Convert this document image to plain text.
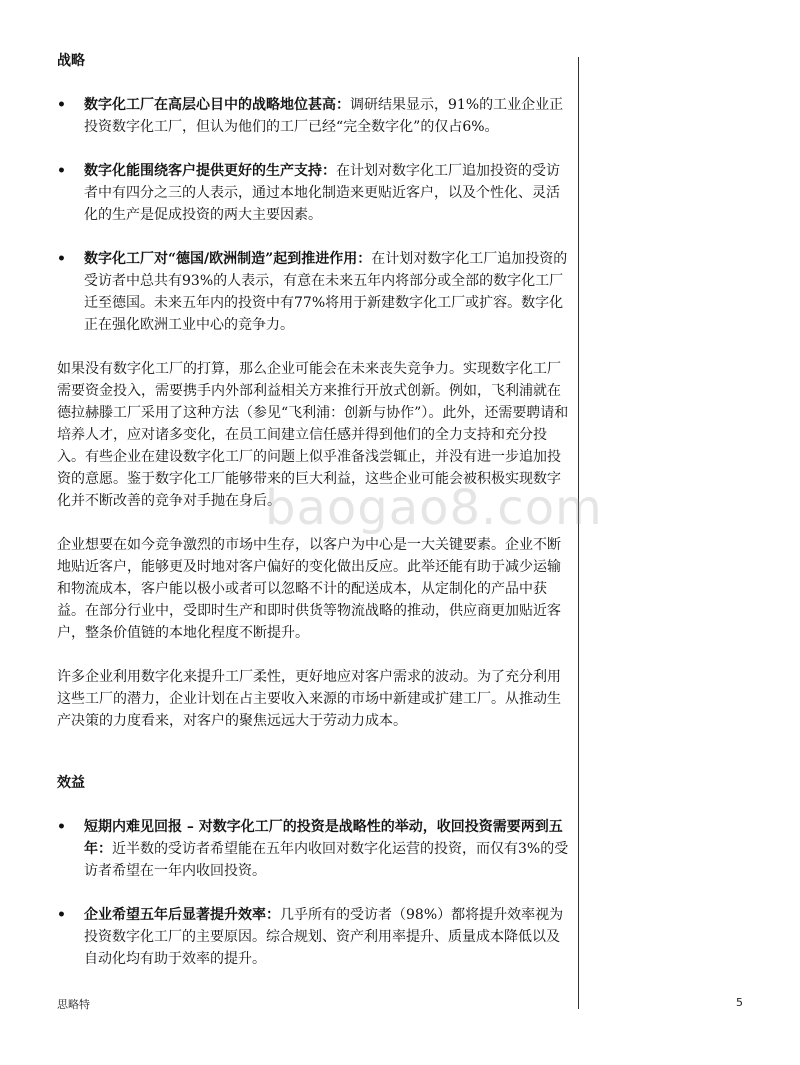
战略
• 数字化工厂在高层心目中的战略地位甚高：调研结果显示，91%的工业企业正投资数字化工厂，但认为他们的工厂已经“完全数字化”的仅占6%。
• 数字化能围绕客户提供更好的生产支持：在计划对数字化工厂追加投资的受访者中有四分之三的人表示，通过本地化制造来更贴近客户，以及个性化、灵活化的生产是促成投资的两大主要因素。
• 数字化工厂对“德国/欧洲制造”起到推进作用：在计划对数字化工厂追加投资的受访者中总共有93%的人表示，有意在未来五年内将部分或全部的数字化工厂迁至德国。未来五年内的投资中有77%将用于新建数字化工厂或扩容。数字化正在强化欧洲工业中心的竞争力。

如果没有数字化工厂的打算，那么企业可能会在未来丧失竞争力。实现数字化工厂需要资金投入，需要携手内外部利益相关方来推行开放式创新。例如，飞利浦就在德拉赫滕工厂采用了这种方法（参见“飞利浦：创新与协作”）。此外，还需要聘请和培养人才，应对诸多变化，在员工间建立信任感并得到他们的全力支持和充分投入。有些企业在建设数字化工厂的问题上似乎准备浅尝辄止，并没有进一步追加投资的意愿。鉴于数字化工厂能够带来的巨大利益，这些企业可能会被积极实现数字化并不断改善的竞争对手抛在身后。

企业想要在如今竞争激烈的市场中生存，以客户为中心是一大关键要素。企业不断地贴近客户，能够更及时地对客户偏好的变化做出反应。此举还能有助于减少运输和物流成本，客户能以极小或者可以忽略不计的配送成本，从定制化的产品中获益。在部分行业中，受即时生产和即时供货等物流战略的推动，供应商更加贴近客户，整条价值链的本地化程度不断提升。

许多企业利用数字化来提升工厂柔性，更好地应对客户需求的波动。为了充分利用这些工厂的潜力，企业计划在占主要收入来源的市场中新建或扩建工厂。从推动生产决策的力度看来，对客户的聚焦远远大于劳动力成本。

效益
• 短期内难见回报 – 对数字化工厂的投资是战略性的举动，收回投资需要两到五年：近半数的受访者希望能在五年内收回对数字化运营的投资，而仅有3%的受访者希望在一年内收回投资。
• 企业希望五年后显著提升效率：几乎所有的受访者（98%）都将提升效率视为投资数字化工厂的主要原因。综合规划、资产利用率提升、质量成本降低以及自动化均有助于效率的提升。
baogao8.com
思略特	5
